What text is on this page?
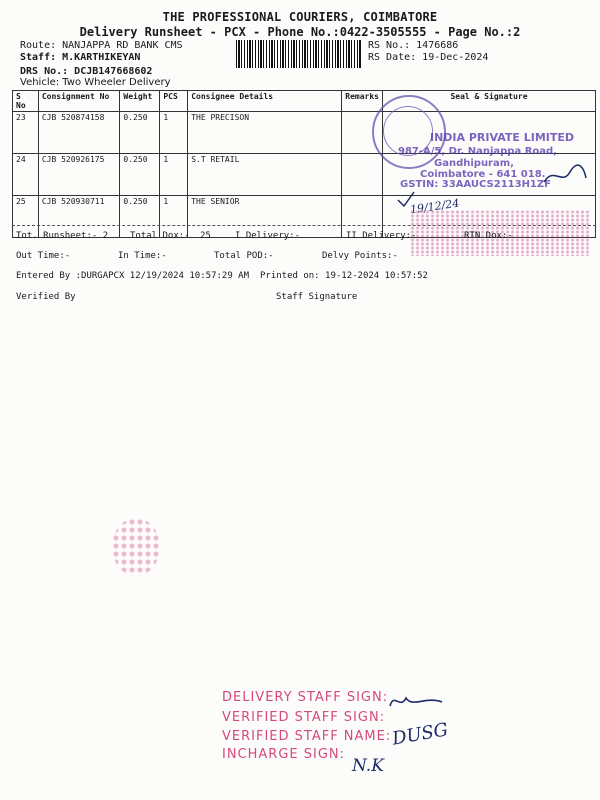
THE PROFESSIONAL COURIERS, COIMBATORE
Delivery Runsheet - PCX - Phone No.:0422-3505555 - Page No.:2
Route: NANJAPPA RD BANK CMS
Staff: M.KARTHIKEYAN
DRS No.: DCJB147668602
Vehicle: Two Wheeler Delivery
RS No.: 1476686
RS Date: 19-Dec-2024
S No	Consignment No	Weight	PCS	Consignee Details	Remarks	Seal & Signature
23	CJB 520874158	0.250	1	THE PRECISON		
24	CJB 520926175	0.250	1	S.T RETAIL		
25	CJB 520930711	0.250	1	THE SENIOR		
INDIA PRIVATE LIMITED
987-A/5, Dr. Nanjappa Road,
Gandhipuram,
Coimbatore - 641 018.
GSTIN: 33AAUCS2113H1ZF
19/12/24
Tot. Runsheet:- 2 Total Dox:- 25	I Delivery:-	II Delivery:-	RTN Dox:-
Out Time:-	In Time:-	Total POD:-	Delvy Points:-
Entered By :DURGAPCX 12/19/2024 10:57:29 AM Printed on: 19-12-2024 10:57:52
Verified By	Staff Signature
DELIVERY STAFF SIGN:
VERIFIED STAFF SIGN:
VERIFIED STAFF NAME:
INCHARGE SIGN:
DUSG
N.K
